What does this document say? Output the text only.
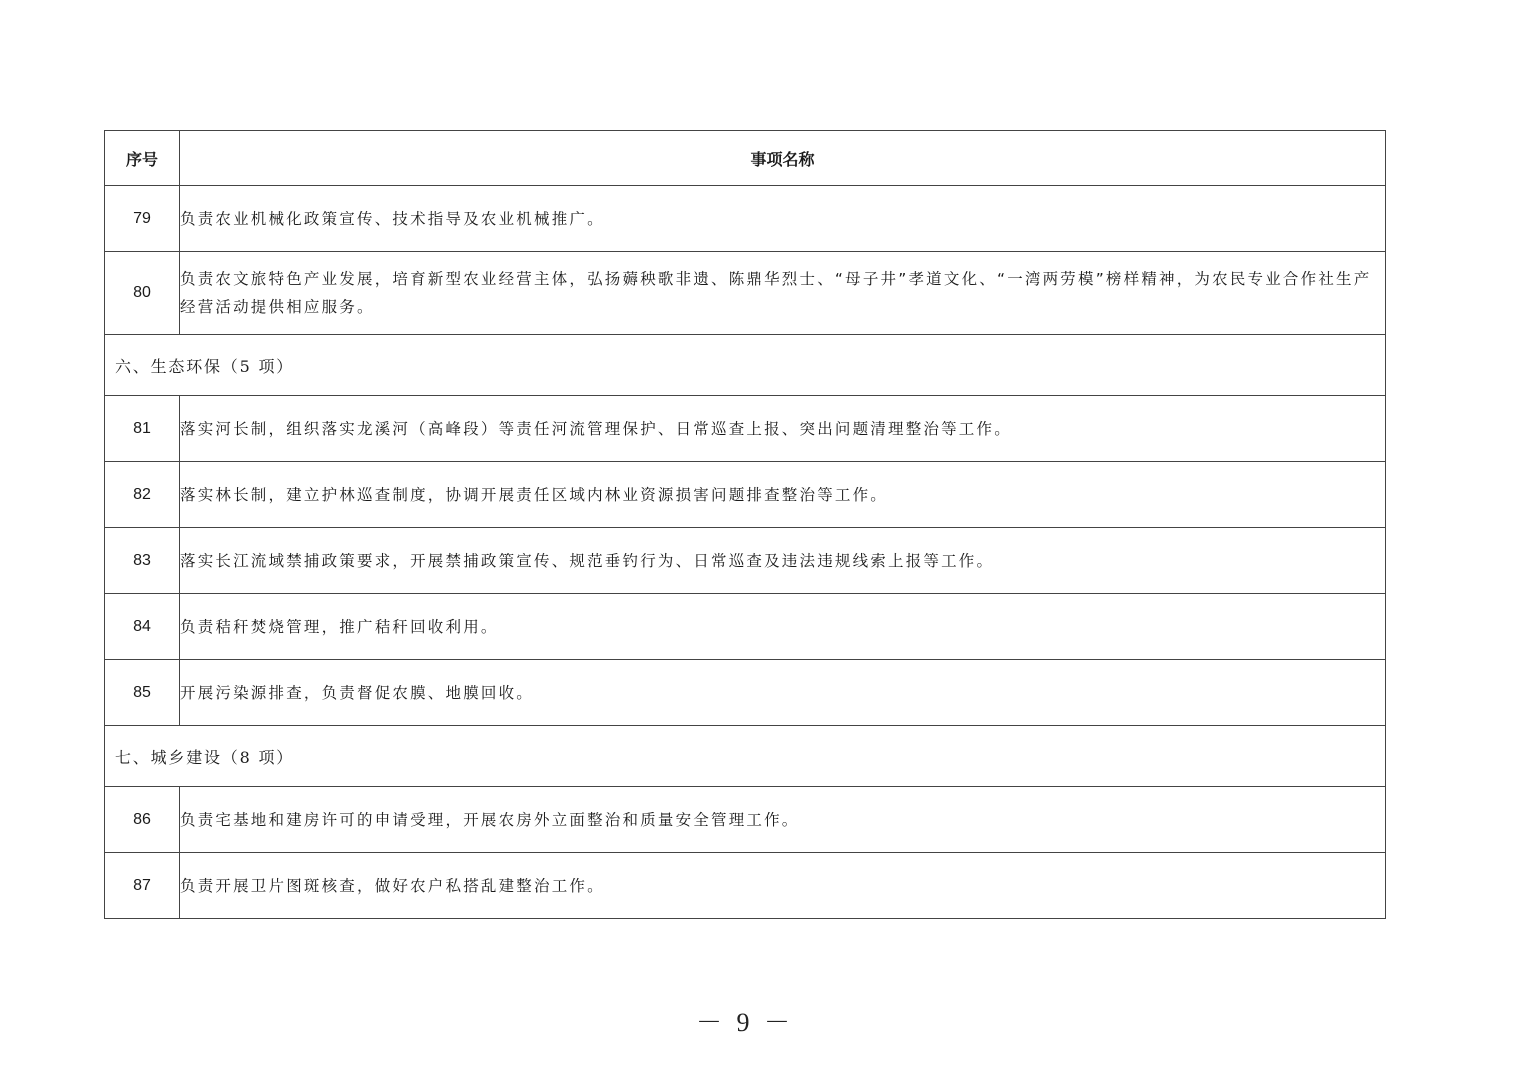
序号	事项名称
79	负责农业机械化政策宣传、技术指导及农业机械推广。
80	负责农文旅特色产业发展，培育新型农业经营主体，弘扬薅秧歌非遗、陈鼎华烈士、“母子井”孝道文化、“一湾两劳模”榜样精神，为农民专业合作社生产经营活动提供相应服务。
六、生态环保（5 项）	
81	落实河长制，组织落实龙溪河（高峰段）等责任河流管理保护、日常巡查上报、突出问题清理整治等工作。
82	落实林长制，建立护林巡查制度，协调开展责任区域内林业资源损害问题排查整治等工作。
83	落实长江流域禁捕政策要求，开展禁捕政策宣传、规范垂钓行为、日常巡查及违法违规线索上报等工作。
84	负责秸秆焚烧管理，推广秸秆回收利用。
85	开展污染源排查，负责督促农膜、地膜回收。
七、城乡建设（8 项）	
86	负责宅基地和建房许可的申请受理，开展农房外立面整治和质量安全管理工作。
87	负责开展卫片图斑核查，做好农户私搭乱建整治工作。
－ 9 －
